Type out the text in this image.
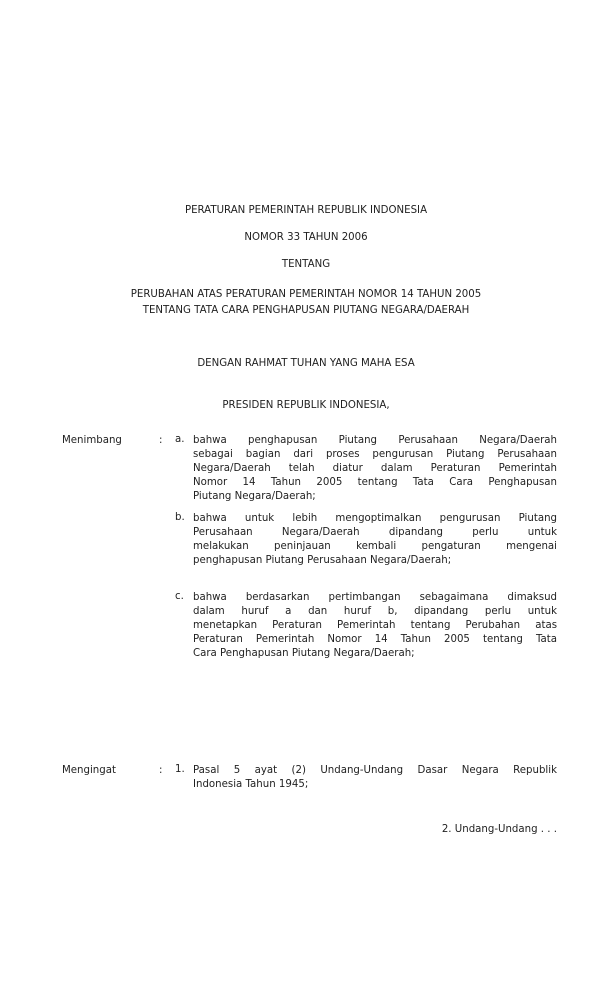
PERATURAN PEMERINTAH REPUBLIK INDONESIA
NOMOR 33 TAHUN 2006
TENTANG
PERUBAHAN ATAS PERATURAN PEMERINTAH NOMOR 14 TAHUN 2005
TENTANG TATA CARA PENGHAPUSAN PIUTANG NEGARA/DAERAH
DENGAN RAHMAT TUHAN YANG MAHA ESA
PRESIDEN REPUBLIK INDONESIA,
Menimbang	: a. bahwa penghapusan Piutang Perusahaan Negara/Daerah
sebagai bagian dari proses pengurusan Piutang Perusahaan
Negara/Daerah telah diatur dalam Peraturan Pemerintah
Nomor 14 Tahun 2005 tentang Tata Cara Penghapusan
Piutang Negara/Daerah;
b. bahwa untuk lebih mengoptimalkan pengurusan Piutang
Perusahaan Negara/Daerah dipandang perlu untuk
melakukan peninjauan kembali pengaturan mengenai
penghapusan Piutang Perusahaan Negara/Daerah;
c. bahwa berdasarkan pertimbangan sebagaimana dimaksud
dalam huruf a dan huruf b, dipandang perlu untuk
menetapkan Peraturan Pemerintah tentang Perubahan atas
Peraturan Pemerintah Nomor 14 Tahun 2005 tentang Tata
Cara Penghapusan Piutang Negara/Daerah;
Mengingat	: 1. Pasal 5 ayat (2) Undang-Undang Dasar Negara Republik
Indonesia Tahun 1945;
2. Undang-Undang . . .
